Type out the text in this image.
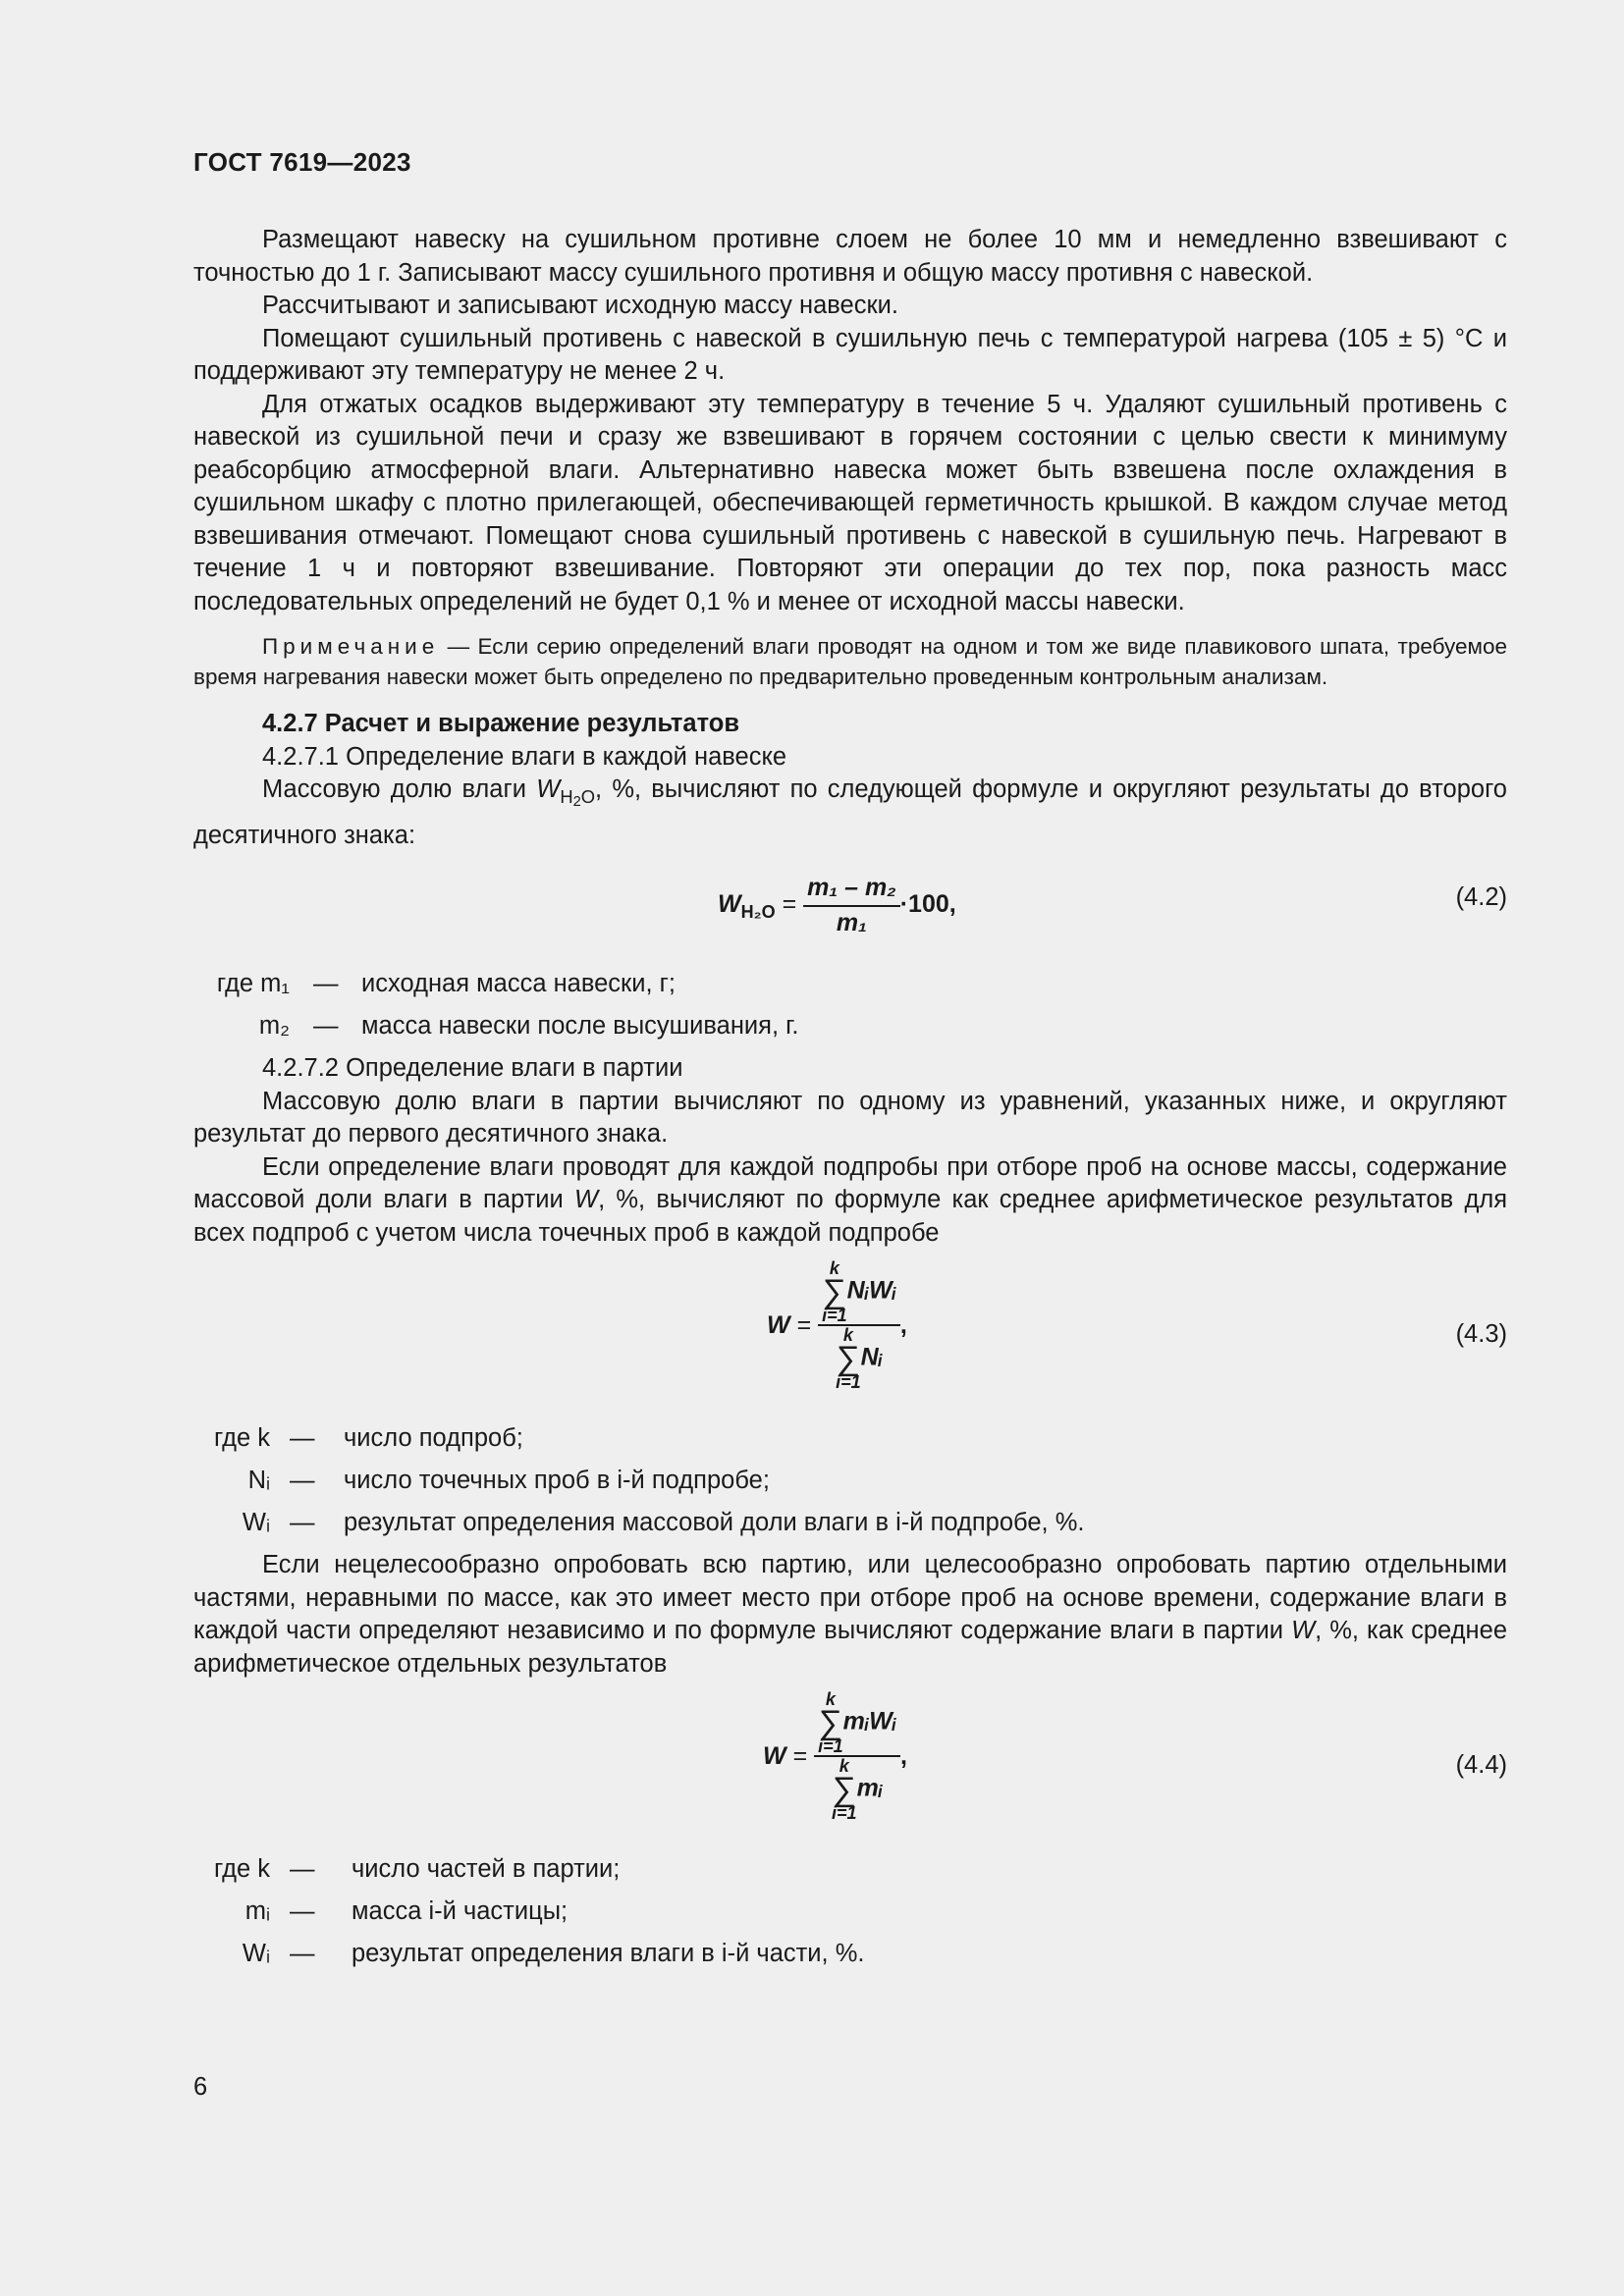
ГОСТ 7619—2023

Размещают навеску на сушильном противне слоем не более 10 мм и немедленно взвешивают с точностью до 1 г. Записывают массу сушильного противня и общую массу противня с навеской.

Рассчитывают и записывают исходную массу навески.

Помещают сушильный противень с навеской в сушильную печь с температурой нагрева (105 ± 5) °С и поддерживают эту температуру не менее 2 ч.

Для отжатых осадков выдерживают эту температуру в течение 5 ч. Удаляют сушильный противень с навеской из сушильной печи и сразу же взвешивают в горячем состоянии с целью свести к минимуму реабсорбцию атмосферной влаги. Альтернативно навеска может быть взвешена после охлаждения в сушильном шкафу с плотно прилегающей, обеспечивающей герметичность крышкой. В каждом случае метод взвешивания отмечают. Помещают снова сушильный противень с навеской в сушильную печь. Нагревают в течение 1 ч и повторяют взвешивание. Повторяют эти операции до тех пор, пока разность масс последовательных определений не будет 0,1 % и менее от исходной массы навески.

Примечание — Если серию определений влаги проводят на одном и том же виде плавикового шпата, требуемое время нагревания навески может быть определено по предварительно проведенным контрольным анализам.

4.2.7 Расчет и выражение результатов

4.2.7.1 Определение влаги в каждой навеске

Массовую долю влаги $W_{H_2O}$, %, вычисляют по следующей формуле и округляют результаты до второго десятичного знака:

$W_{H_2O} = \frac{\text{m₁ – m₂}}{\text{m₁}} \cdot 100$,	(4.2)
где m₁ — исходная масса навески, г;
m₂ — масса навески после высушивания, г.

4.2.7.2 Определение влаги в партии

Массовую долю влаги в партии вычисляют по одному из уравнений, указанных ниже, и округляют результат до первого десятичного знака.

Если определение влаги проводят для каждой подпробы при отборе проб на основе массы, содержание массовой доли влаги в партии W, %, вычисляют по формуле как среднее арифметическое результатов для всех подпроб с учетом числа точечных проб в каждой подпробе

W = k
∑
i=1
NᵢWᵢ
k
∑
i=1
Nᵢ ,	(4.3)
где k — число подпроб;
Nᵢ — число точечных проб в i-й подпробе;
Wᵢ — результат определения массовой доли влаги в i-й подпробе, %.

Если нецелесообразно опробовать всю партию, или целесообразно опробовать партию отдельными частями, неравными по массе, как это имеет место при отборе проб на основе времени, содержание влаги в каждой части определяют независимо и по формуле вычисляют содержание влаги в партии W, %, как среднее арифметическое отдельных результатов

W = k
∑
i=1
mᵢWᵢ
k
∑
i=1
mᵢ ,	(4.4)
где k — число частей в партии;
mᵢ — масса i-й частицы;
Wᵢ — результат определения влаги в i-й части, %.
6
